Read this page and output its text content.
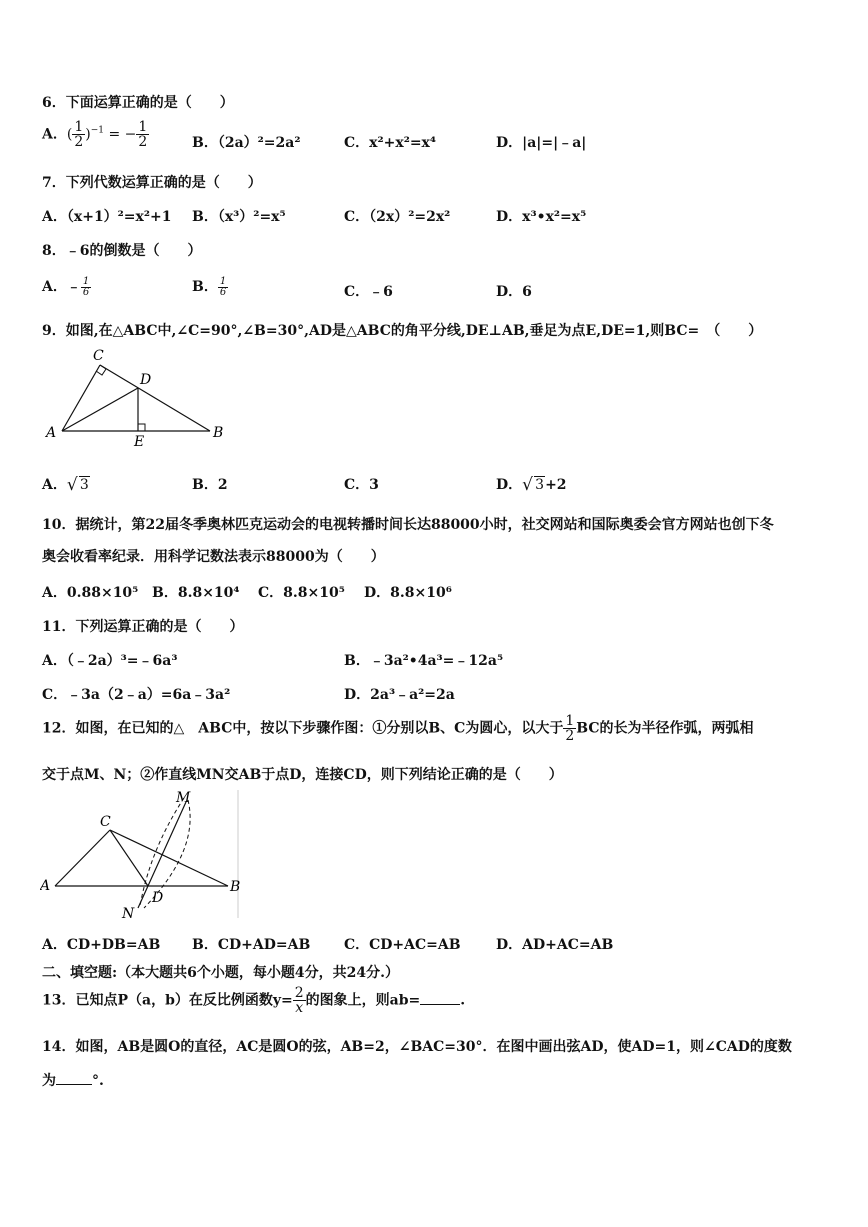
6．下面运算正确的是（　　）
A．( $\frac{1}{2} )^{-1}$ = − $\frac{1}{2}$	B．（2a）²=2a²	C．x²+x²=x⁴	D．|a|=|﹣a|
7．下列代数运算正确的是（　　）
A．（x+1）²=x²+1 B．（x³）²=x⁵	C．（2x）²=2x²	D．x³•x²=x⁵
8．﹣6的倒数是（　　）
A．﹣ $\frac{1}{6}$	B． $\frac{1}{6}$	C．﹣6	D．6
9．如图,在△ABC中,∠C=90°,∠B=30°,AD是△ABC的角平分线,DE⊥AB,垂足为点E,DE=1,则BC=　（　　）
C
D
A
E
B
A． √ 3	B．2	C．3	D． √ 3+2
10．据统计，第22届冬季奥林匹克运动会的电视转播时间长达88000小时，社交网站和国际奥委会官方网站也创下冬
奥会收看率纪录．用科学记数法表示88000为（　　）
A．0.88×10⁵ B．8.8×10⁴ C．8.8×10⁵ D．8.8×10⁶
11．下列运算正确的是（　　）
A．（﹣2a）³=﹣6a³	B．﹣3a²•4a³=﹣12a⁵
C．﹣3a（2﹣a）=6a﹣3a²	D．2a³﹣a²=2a
12．如图，在已知的△　ABC中，按以下步骤作图：①分别以B、C为圆心，以大于 $\frac{1}{2}$ BC的长为半径作弧，两弧相
交于点M、N；②作直线MN交AB于点D，连接CD，则下列结论正确的是（　　）
M
C
A	B
D
N
A．CD+DB=AB B．CD+AD=AB C．CD+AC=AB	D．AD+AC=AB
二、填空题:（本大题共6个小题，每小题4分，共24分.）
13．已知点P（a，b）在反比例函数$y= \frac{2}{x}$ 的图象上，则ab=	.
14．如图，AB是圆O的直径，AC是圆O的弦，AB=2，∠BAC=30°．在图中画出弦AD，使AD=1，则∠CAD的度数
为	°.
